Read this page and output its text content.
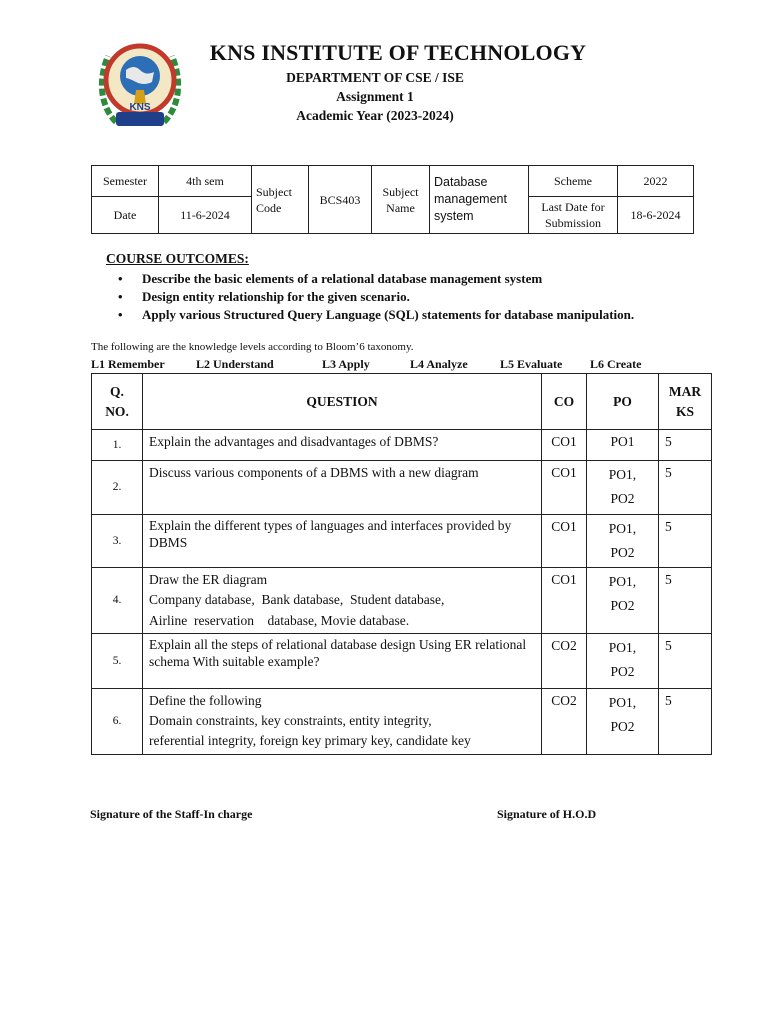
KNS
KNS INSTITUTE OF TECHNOLOGY
DEPARTMENT OF CSE / ISE
Assignment 1
Academic Year (2023-2024)
Semester	4th sem	Subject Code	BCS403	Subject Name	Database management system	Scheme	2022
Date	11-6-2024					Last Date for Submission	18-6-2024
COURSE OUTCOMES:
• Describe the basic elements of a relational database management system
• Design entity relationship for the given scenario.
• Apply various Structured Query Language (SQL) statements for database manipulation.
The following are the knowledge levels according to Bloom’6 taxonomy.
L1 Remember	L2 Understand	L3 Apply	L4 Analyze	L5 Evaluate L6 Create
Q.
NO.	QUESTION	CO	PO	MAR
KS
1.	Explain the advantages and disadvantages of DBMS?	CO1	PO1	5
2.	Discuss various components of a DBMS with a new diagram	CO1	PO1,
PO2	5
3.	Explain the different types of languages and interfaces provided by DBMS	CO1	PO1,
PO2	5
4.	Draw the ER diagram
Company database,  Bank database,  Student database,
Airline  reservation    database, Movie database.	CO1	PO1,
PO2	5
5.	Explain all the steps of relational database design Using ER relational schema With suitable example?	CO2	PO1,
PO2	5
6.	Define the following
Domain constraints, key constraints, entity integrity,
referential integrity, foreign key primary key, candidate key	CO2	PO1,
PO2	5
Signature of the Staff-In charge	Signature of H.O.D
